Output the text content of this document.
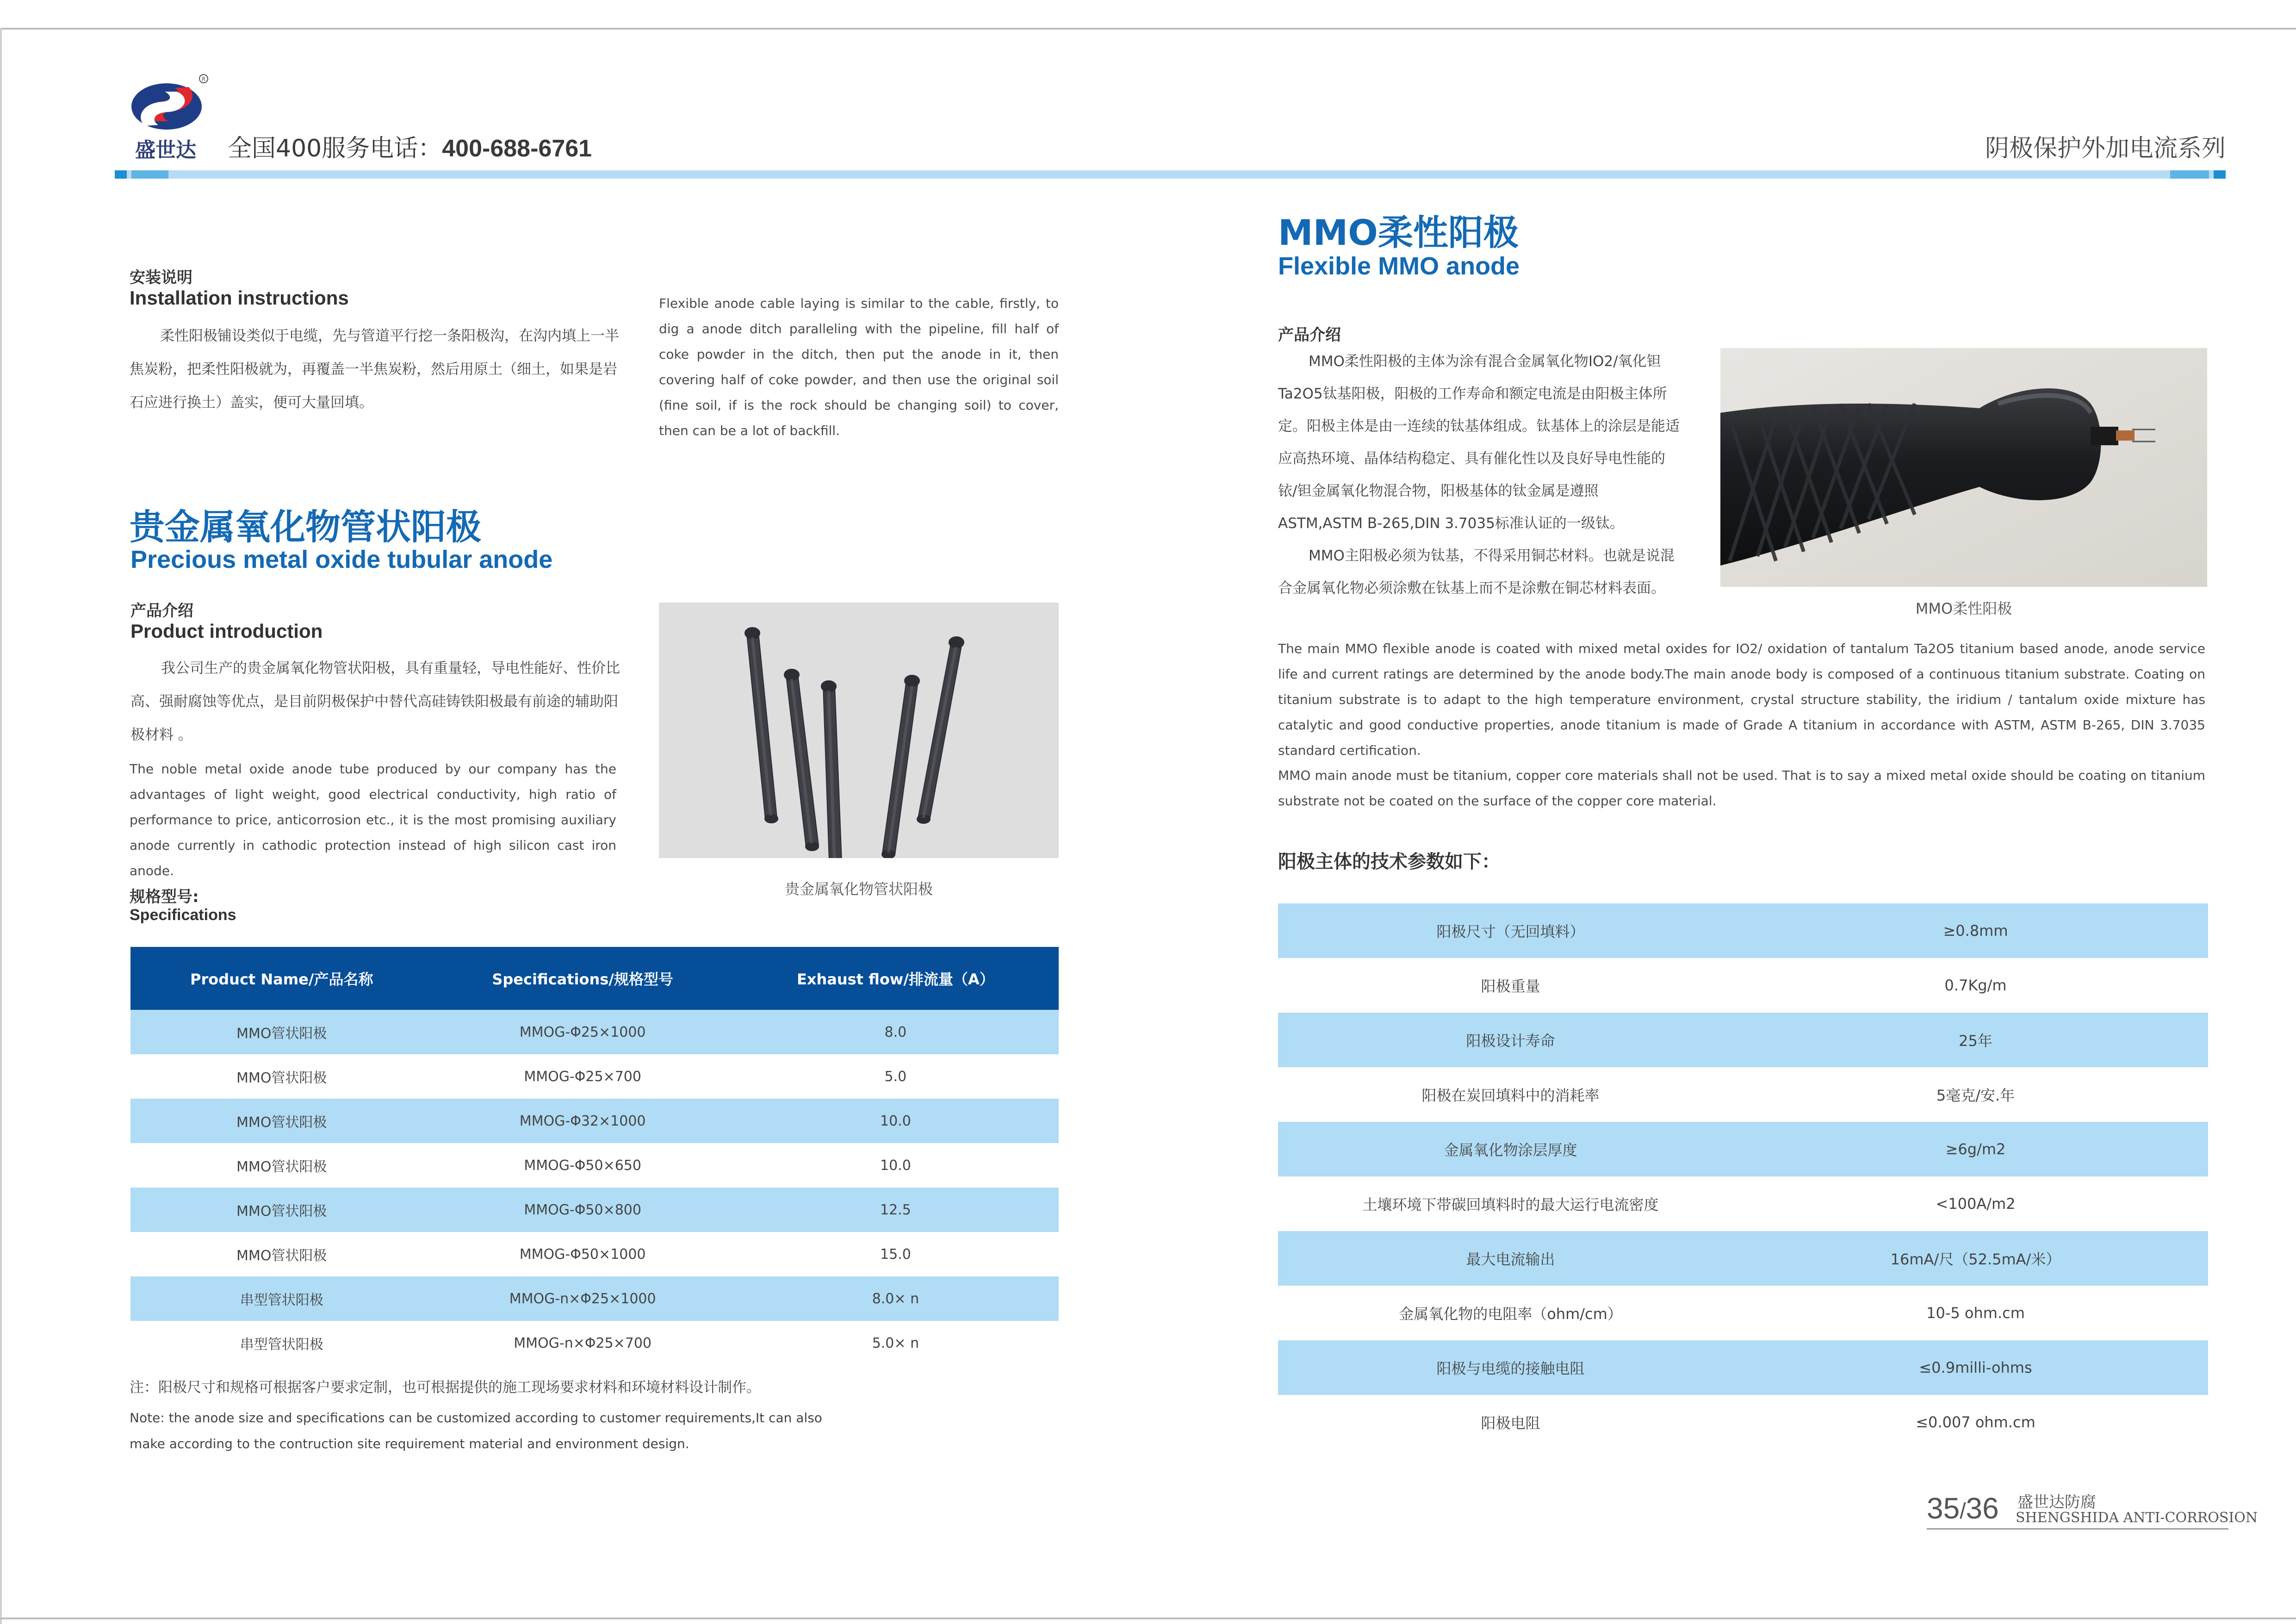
R
盛世达 全国400服务电话：400-688-6761	阴极保护外加电流系列
安装说明
Installation instructions

柔性阳极铺设类似于电缆，先与管道平行挖一条阳极沟，在沟内填上一半焦炭粉，把柔性阳极就为，再覆盖一半焦炭粉，然后用原土（细土，如果是岩石应进行换土）盖实，便可大量回填。

Flexible anode cable laying is similar to the cable, firstly, to dig a anode ditch paralleling with the pipeline, fill half of coke powder in the ditch, then put the anode in it, then covering half of coke powder, and then use the original soil (fine soil, if is the rock should be changing soil) to cover, then can be a lot of backfill.

贵金属氧化物管状阳极
Precious metal oxide tubular anode
产品介绍
Product introduction

我公司生产的贵金属氧化物管状阳极，具有重量轻，导电性能好、性价比高、强耐腐蚀等优点，是目前阴极保护中替代高硅铸铁阳极最有前途的辅助阳极材料 。

The noble metal oxide anode tube produced by our company has the advantages of light weight, good electrical conductivity, high ratio of performance to price, anticorrosion etc., it is the most promising auxiliary anode currently in cathodic protection instead of high silicon cast iron anode.

贵金属氧化物管状阳极
规格型号:
Specifications
Product Name/产品名称	Specifications/规格型号	Exhaust flow/排流量（A）
MMO管状阳极	MMOG-Φ25×1000	8.0
MMO管状阳极	MMOG-Φ25×700	5.0
MMO管状阳极	MMOG-Φ32×1000	10.0
MMO管状阳极	MMOG-Φ50×650	10.0
MMO管状阳极	MMOG-Φ50×800	12.5
MMO管状阳极	MMOG-Φ50×1000	15.0
串型管状阳极	MMOG-n×Φ25×1000	8.0× n
串型管状阳极	MMOG-n×Φ25×700	5.0× n
注：阳极尺寸和规格可根据客户要求定制，也可根据提供的施工现场要求材料和环境材料设计制作。
Note: the anode size and specifications can be customized according to customer requirements,It can also make according to the contruction site requirement material and environment design.
MMO柔性阳极
Flexible MMO anode
产品介绍

MMO柔性阳极的主体为涂有混合金属氧化物IO2/氧化钽Ta2O5钛基阳极，阳极的工作寿命和额定电流是由阳极主体所定。阳极主体是由一连续的钛基体组成。钛基体上的涂层是能适应高热环境、晶体结构稳定、具有催化性以及良好导电性能的铱/钽金属氧化物混合物，阳极基体的钛金属是遵照ASTM,ASTM B-265,DIN 3.7035标准认证的一级钛。

MMO主阳极必须为钛基，不得采用铜芯材料。也就是说混合金属氧化物必须涂敷在钛基上而不是涂敷在铜芯材料表面。

MMO柔性阳极

The main MMO flexible anode is coated with mixed metal oxides for IO2/ oxidation of tantalum Ta2O5 titanium based anode, anode service life and current ratings are determined by the anode body.The main anode body is composed of a continuous titanium substrate. Coating on titanium substrate is to adapt to the high temperature environment, crystal structure stability, the iridium / tantalum oxide mixture has catalytic and good conductive properties, anode titanium is made of Grade A titanium in accordance with ASTM, ASTM B-265, DIN 3.7035 standard certification.

MMO main anode must be titanium, copper core materials shall not be used. That is to say a mixed metal oxide should be coating on titanium substrate not be coated on the surface of the copper core material.

阳极主体的技术参数如下：
阳极尺寸（无回填料）	≥0.8mm
阳极重量	0.7Kg/m
阳极设计寿命	25年
阳极在炭回填料中的消耗率	5毫克/安.年
金属氧化物涂层厚度	≥6g/m2
土壤环境下带碳回填料时的最大运行电流密度	<100A/m2
最大电流输出	16mA/尺（52.5mA/米）
金属氧化物的电阻率（ohm/cm）	10-5 ohm.cm
阳极与电缆的接触电阻	≤0.9milli-ohms
阳极电阻	≤0.007 ohm.cm
35/36 盛世达防腐
SHENGSHIDA ANTI-CORROSION
